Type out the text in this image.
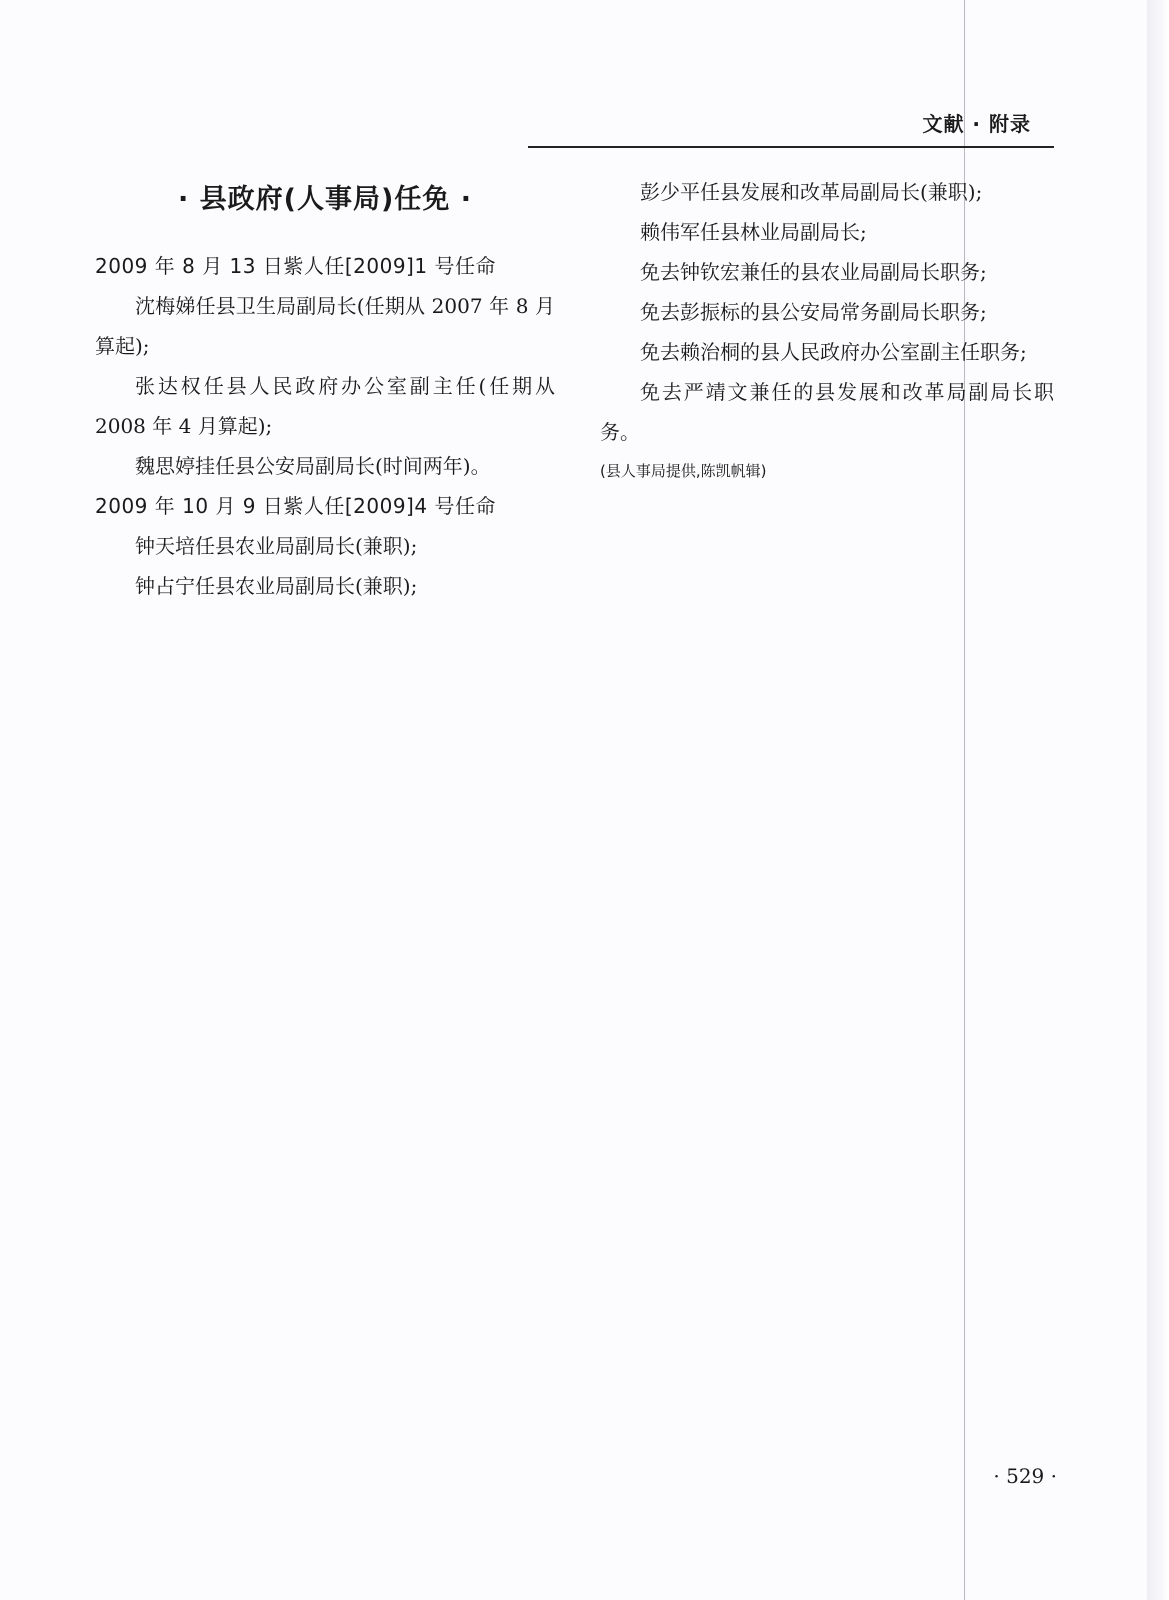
文献 · 附录
· 县政府(人事局)任免 ·

2009 年 8 月 13 日紫人任[2009]1 号任命

沈梅娣任县卫生局副局长(任期从 2007 年 8 月算起);

张达权任县人民政府办公室副主任(任期从 2008 年 4 月算起);

魏思婷挂任县公安局副局长(时间两年)。

2009 年 10 月 9 日紫人任[2009]4 号任命

钟天培任县农业局副局长(兼职);

钟占宁任县农业局副局长(兼职);

彭少平任县发展和改革局副局长(兼职);

赖伟军任县林业局副局长;

免去钟钦宏兼任的县农业局副局长职务;

免去彭振标的县公安局常务副局长职务;

免去赖治桐的县人民政府办公室副主任职务;

免去严靖文兼任的县发展和改革局副局长职务。

(县人事局提供,陈凯帆辑)

· 529 ·
